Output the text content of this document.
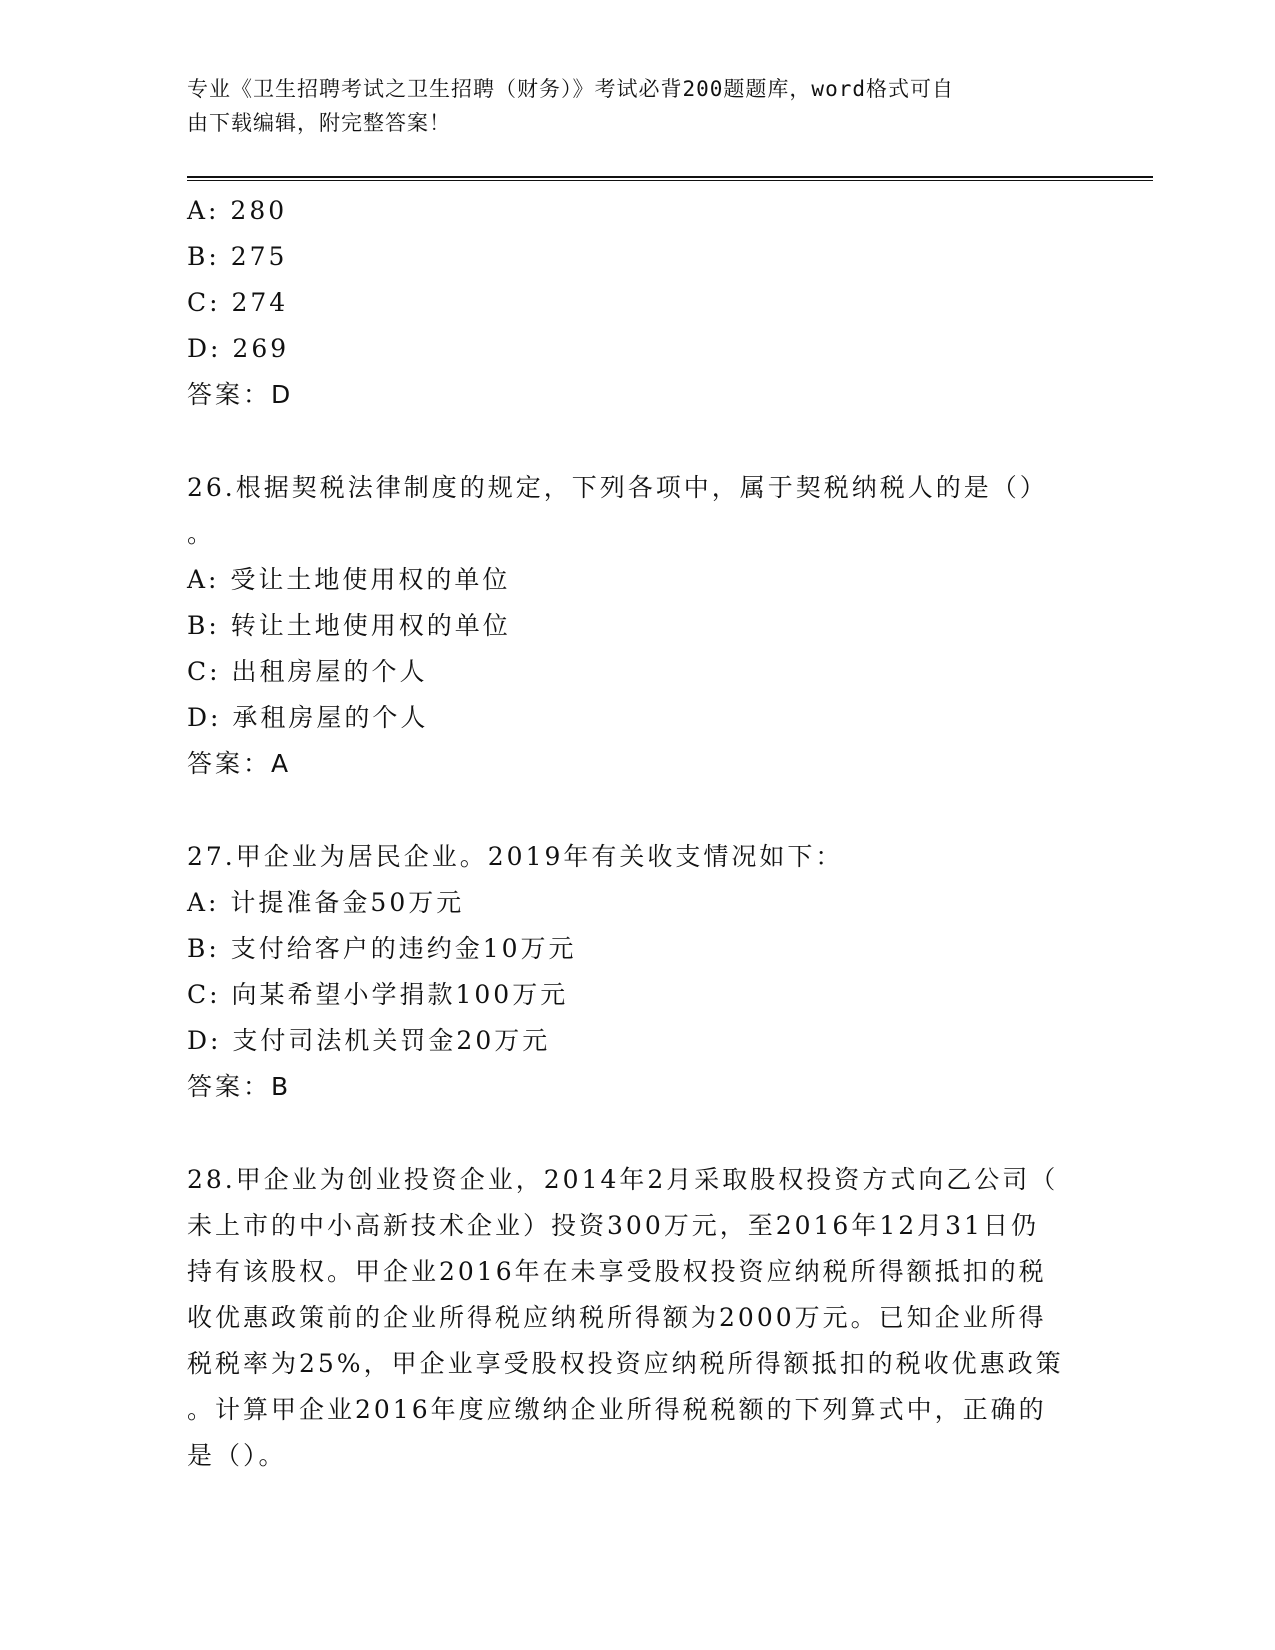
专业《卫生招聘考试之卫生招聘（财务）》考试必背200题题库，word格式可自
由下载编辑，附完整答案！
A: 280
B: 275
C: 274
D: 269
答案：D
26.根据契税法律制度的规定，下列各项中，属于契税纳税人的是（）
。
A: 受让土地使用权的单位
B: 转让土地使用权的单位
C: 出租房屋的个人
D: 承租房屋的个人
答案：A
27.甲企业为居民企业。2019年有关收支情况如下：
A: 计提准备金50万元
B: 支付给客户的违约金10万元
C: 向某希望小学捐款100万元
D: 支付司法机关罚金20万元
答案：B
28.甲企业为创业投资企业，2014年2月采取股权投资方式向乙公司（
未上市的中小高新技术企业）投资300万元，至2016年12月31日仍
持有该股权。甲企业2016年在未享受股权投资应纳税所得额抵扣的税
收优惠政策前的企业所得税应纳税所得额为2000万元。已知企业所得
税税率为25%，甲企业享受股权投资应纳税所得额抵扣的税收优惠政策
。计算甲企业2016年度应缴纳企业所得税税额的下列算式中，正确的
是（）。
